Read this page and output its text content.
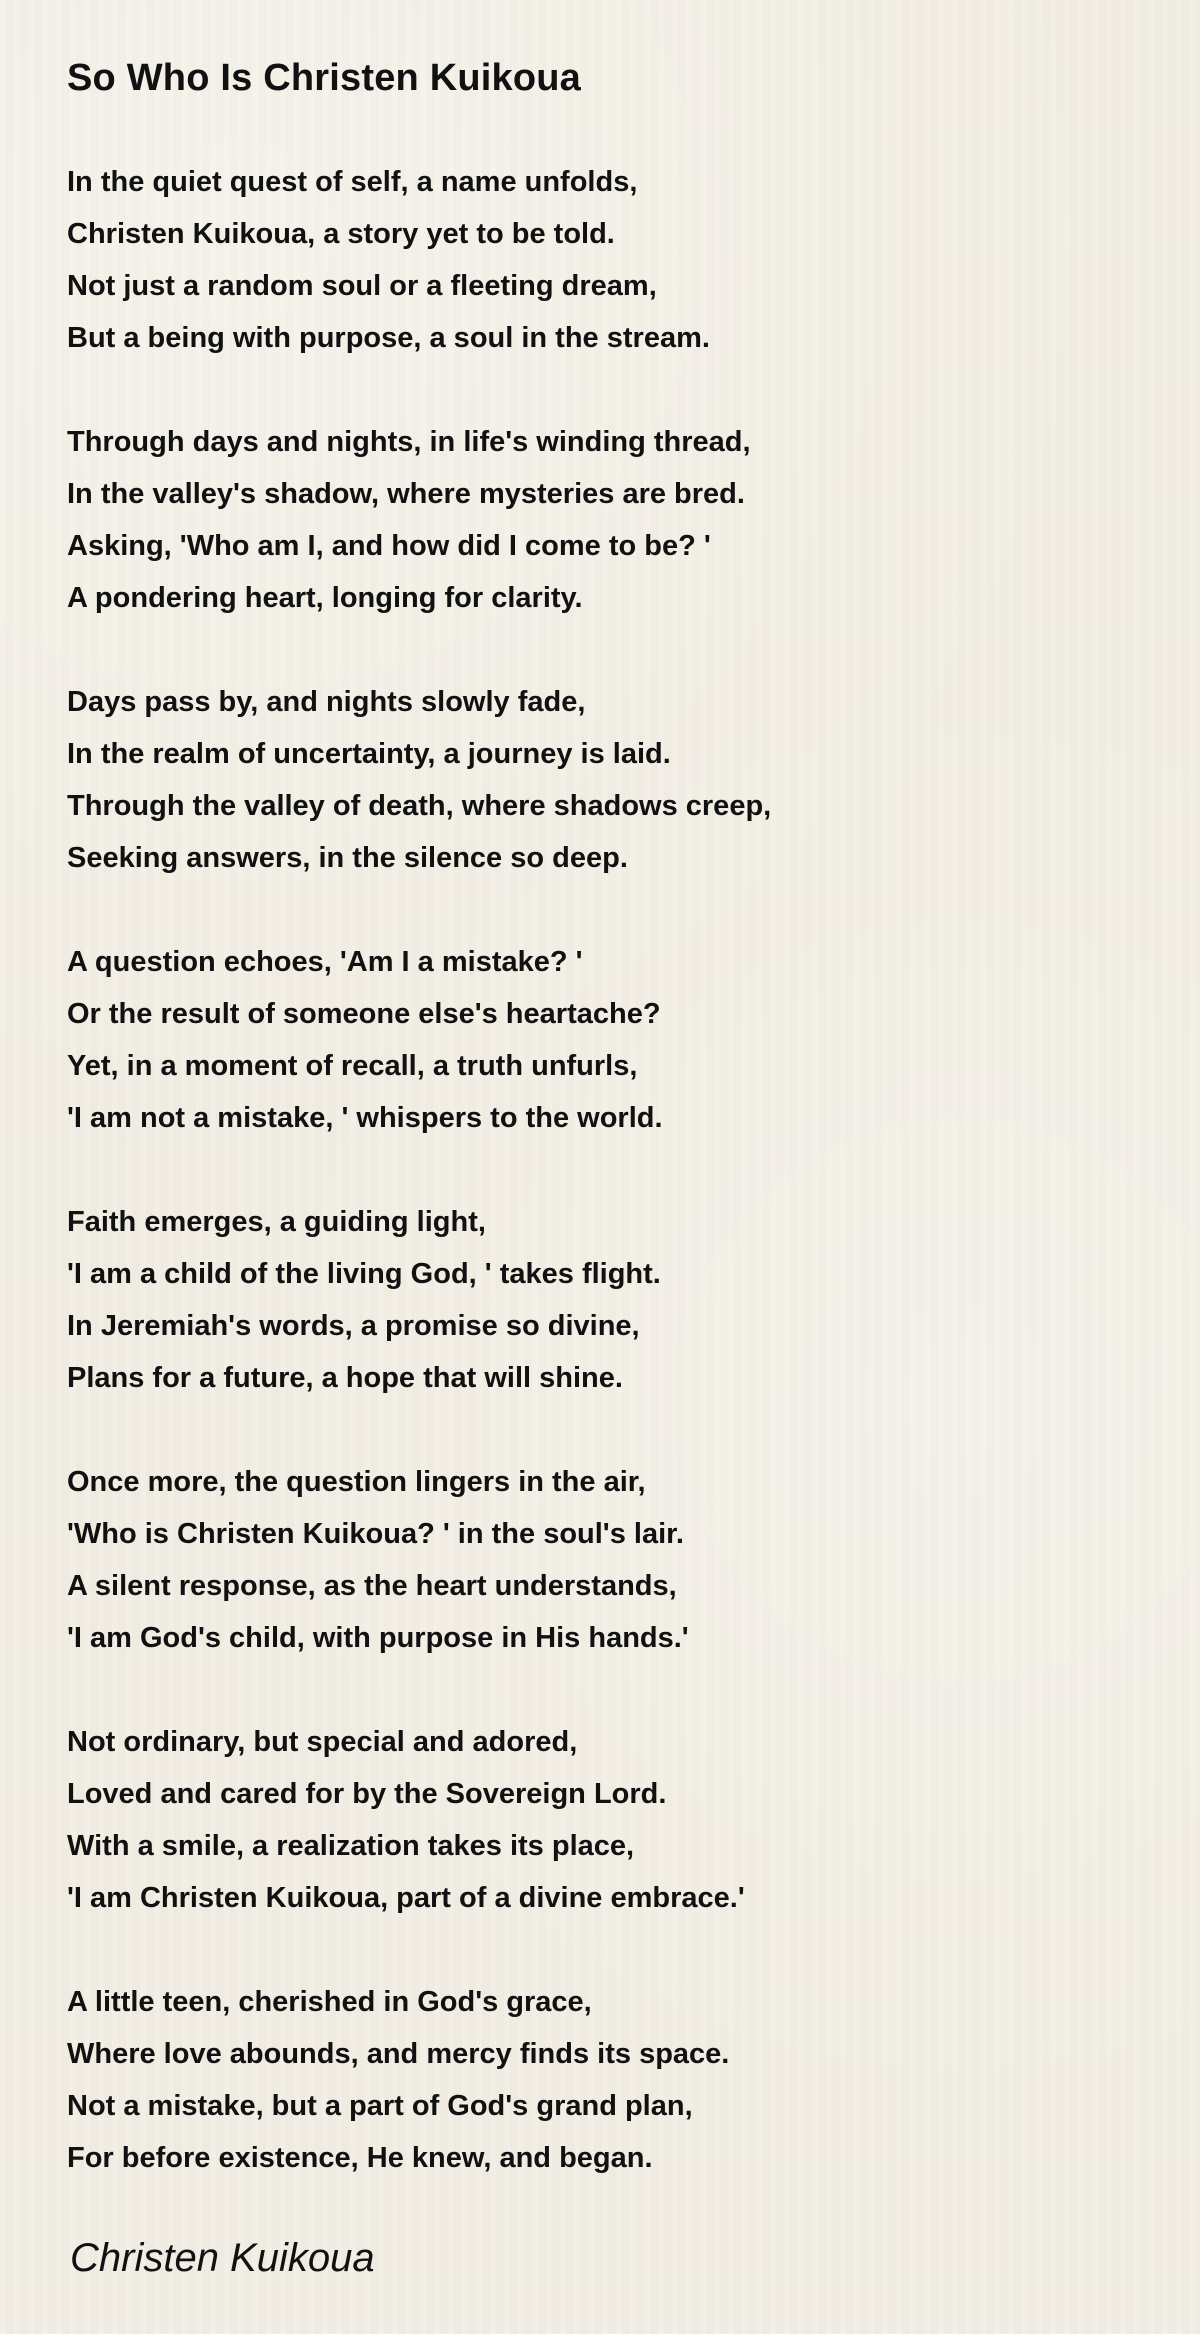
So Who Is Christen Kuikoua
In the quiet quest of self, a name unfolds,
Christen Kuikoua, a story yet to be told.
Not just a random soul or a fleeting dream,
But a being with purpose, a soul in the stream.
Through days and nights, in life's winding thread,
In the valley's shadow, where mysteries are bred.
Asking, 'Who am I, and how did I come to be? '
A pondering heart, longing for clarity.
Days pass by, and nights slowly fade,
In the realm of uncertainty, a journey is laid.
Through the valley of death, where shadows creep,
Seeking answers, in the silence so deep.
A question echoes, 'Am I a mistake? '
Or the result of someone else's heartache?
Yet, in a moment of recall, a truth unfurls,
'I am not a mistake, ' whispers to the world.
Faith emerges, a guiding light,
'I am a child of the living God, ' takes flight.
In Jeremiah's words, a promise so divine,
Plans for a future, a hope that will shine.
Once more, the question lingers in the air,
'Who is Christen Kuikoua? ' in the soul's lair.
A silent response, as the heart understands,
'I am God's child, with purpose in His hands.'
Not ordinary, but special and adored,
Loved and cared for by the Sovereign Lord.
With a smile, a realization takes its place,
'I am Christen Kuikoua, part of a divine embrace.'
A little teen, cherished in God's grace,
Where love abounds, and mercy finds its space.
Not a mistake, but a part of God's grand plan,
For before existence, He knew, and began.
Christen Kuikoua
